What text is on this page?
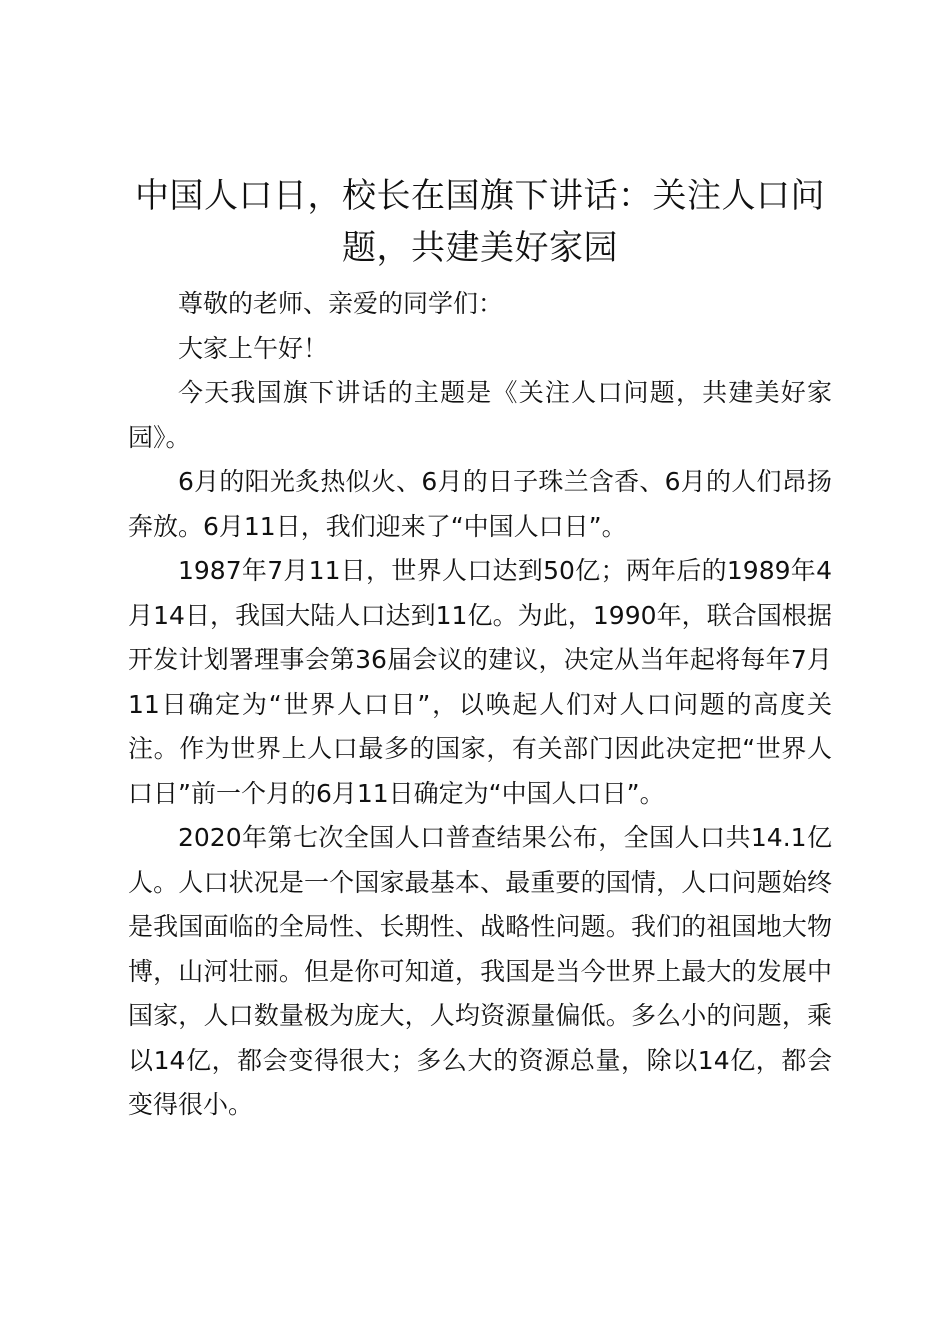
中国人口日，校长在国旗下讲话：关注人口问题，共建美好家园

尊敬的老师、亲爱的同学们：

大家上午好！

今天我国旗下讲话的主题是《关注人口问题，共建美好家园》。

6月的阳光炙热似火、6月的日子珠兰含香、6月的人们昂扬奔放。6月11日，我们迎来了“中国人口日”。

1987年7月11日，世界人口达到50亿；两年后的1989年4月14日，我国大陆人口达到11亿。为此，1990年，联合国根据开发计划署理事会第36届会议的建议，决定从当年起将每年7月11日确定为“世界人口日”，以唤起人们对人口问题的高度关注。作为世界上人口最多的国家，有关部门因此决定把“世界人口日”前一个月的6月11日确定为“中国人口日”。

2020年第七次全国人口普查结果公布，全国人口共14.1亿人。人口状况是一个国家最基本、最重要的国情，人口问题始终是我国面临的全局性、长期性、战略性问题。我们的祖国地大物博，山河壮丽。但是你可知道，我国是当今世界上最大的发展中国家，人口数量极为庞大，人均资源量偏低。多么小的问题，乘以14亿，都会变得很大；多么大的资源总量，除以14亿，都会变得很小。
